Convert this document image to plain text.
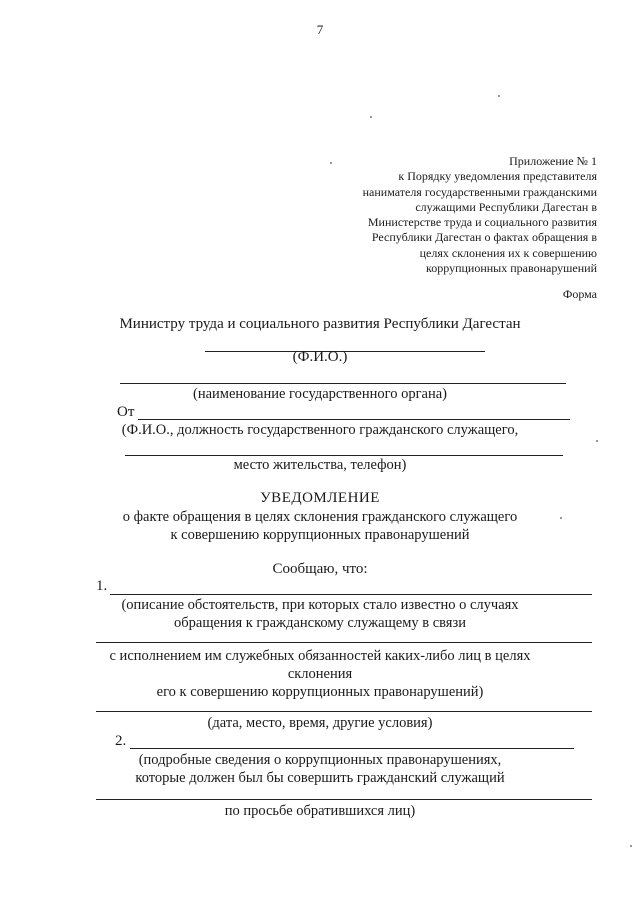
7
Приложение № 1
к Порядку уведомления представителя
нанимателя государственными гражданскими
служащими Республики Дагестан в
Министерстве труда и социального развития
Республики Дагестан о фактах обращения в
целях склонения их к совершению
коррупционных правонарушений
Форма
Министру труда и социального развития Республики Дагестан
(Ф.И.О.)
(наименование государственного органа)
От
(Ф.И.О., должность государственного гражданского служащего,
место жительства, телефон)
УВЕДОМЛЕНИЕ
о факте обращения в целях склонения гражданского служащего
к совершению коррупционных правонарушений
Сообщаю, что:
1.
(описание обстоятельств, при которых стало известно о случаях
обращения к гражданскому служащему в связи
с исполнением им служебных обязанностей каких-либо лиц в целях
склонения
его к совершению коррупционных правонарушений)
(дата, место, время, другие условия)
2.
(подробные сведения о коррупционных правонарушениях,
которые должен был бы совершить гражданский служащий
по просьбе обратившихся лиц)
